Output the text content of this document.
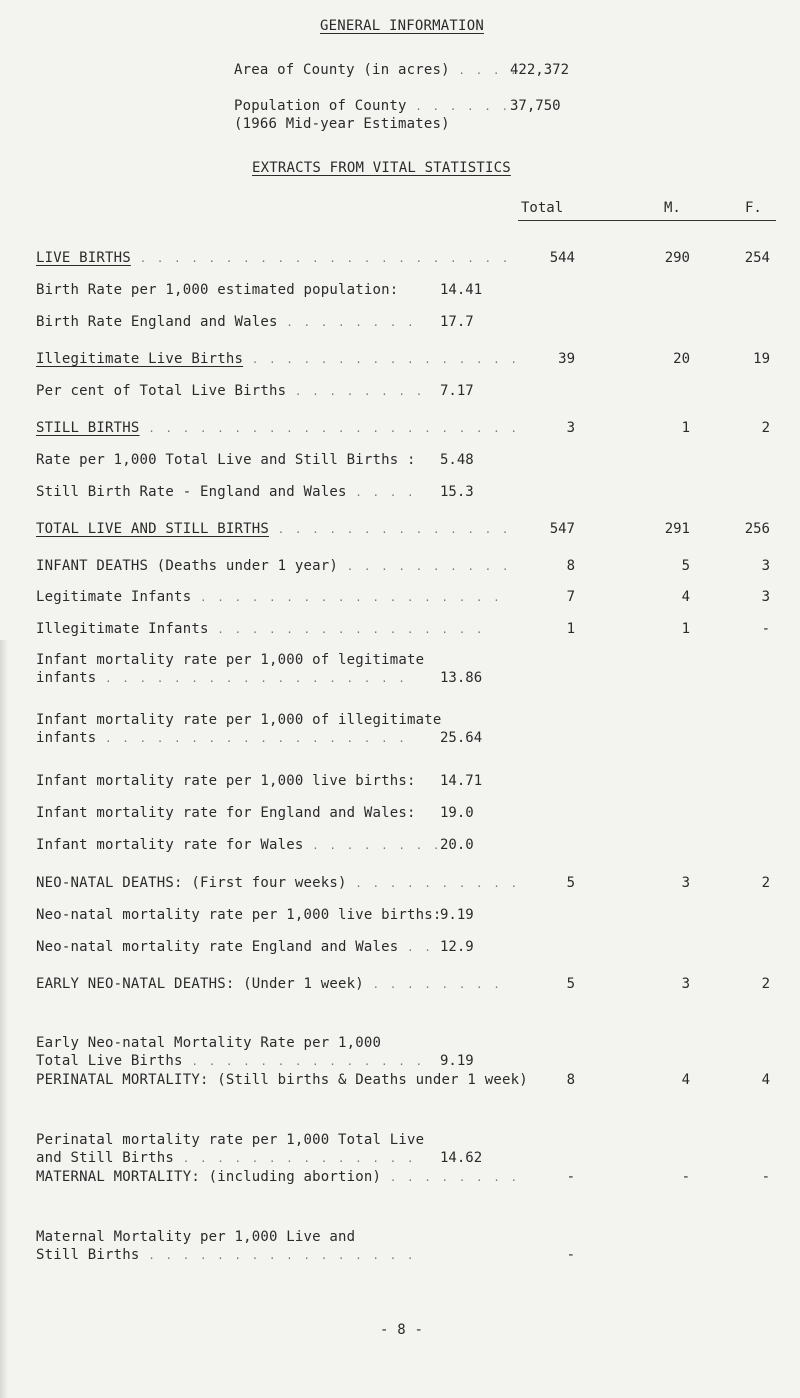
GENERAL INFORMATION
Area of County (in acres) . . . .
422,372
Population of County . . . . . . 37,750
(1966 Mid-year Estimates)
EXTRACTS FROM VITAL STATISTICS
Total	M.	F.
LIVE BIRTHS . . . . . . . . . . . . . . . . . . . . . .	544	290	254
Birth Rate per 1,000 estimated population:	14.41
Birth Rate England and Wales . . . . . . . . 17.7
Illegitimate Live Births . . . . . . . . . . . . . . . .	39	20	19
Per cent of Total Live Births . . . . . . . . 7.17
STILL BIRTHS . . . . . . . . . . . . . . . . . . . . . .	3	1	2
Rate per 1,000 Total Live and Still Births : 5.48
Still Birth Rate - England and Wales . . . . 15.3
TOTAL LIVE AND STILL BIRTHS . . . . . . . . . . . . . .	547	291	256
INFANT DEATHS (Deaths under 1 year) . . . . . . . . . .	8	5	3
Legitimate Infants . . . . . . . . . . . . . . . . . .	7	4	3
Illegitimate Infants . . . . . . . . . . . . . . . .	1	1	-
Infant mortality rate per 1,000 of legitimate
infants . . . . . . . . . . . . . . . . . . 13.86
Infant mortality rate per 1,000 of illegitimate
infants . . . . . . . . . . . . . . . . . . 25.64
Infant mortality rate per 1,000 live births: 14.71
Infant mortality rate for England and Wales: 19.0
Infant mortality rate for Wales . . . . . . . .
20.0
NEO-NATAL DEATHS: (First four weeks) . . . . . . . . . .	5	3	2
Neo-natal mortality rate per 1,000 live births:
9.19
Neo-natal mortality rate England and Wales . . 12.9
EARLY NEO-NATAL DEATHS: (Under 1 week) . . . . . . . .	5	3	2
Early Neo-natal Mortality Rate per 1,000
Total Live Births . . . . . . . . . . . . . . 9.19
PERINATAL MORTALITY: (Still births & Deaths under 1 week)	8	4	4
Perinatal mortality rate per 1,000 Total Live
and Still Births . . . . . . . . . . . . . . 14.62
MATERNAL MORTALITY: (including abortion) . . . . . . . .	-	-	-
Maternal Mortality per 1,000 Live and
Still Births . . . . . . . . . . . . . . . .	-
- 8 -
